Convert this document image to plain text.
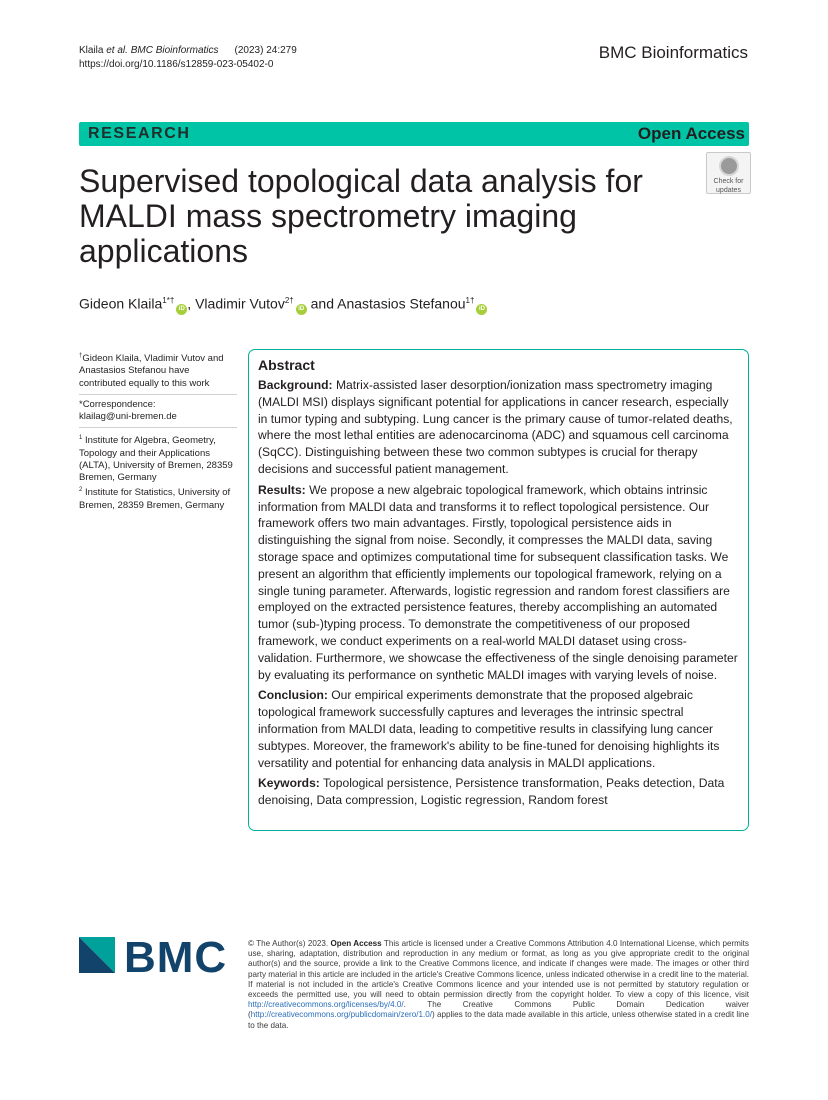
Klaila et al. BMC Bioinformatics (2023) 24:279
https://doi.org/10.1186/s12859-023-05402-0
BMC Bioinformatics
RESEARCH	Open Access
Check for
updates
Supervised topological data analysis for MALDI mass spectrometry imaging applications
Gideon Klaila$^{1*\dagger}$iD , Vladimir Vutov$^{2\dagger}$iD and Anastasios Stefanou$^{1\dagger}$iD

†Gideon Klaila, Vladimir Vutov and Anastasios Stefanou have contributed equally to this work

*Correspondence:

klailag@uni-bremen.de

$^1$ Institute for Algebra, Geometry, Topology and their Applications (ALTA), University of Bremen, 28359 Bremen, Germany

$^2$ Institute for Statistics, University of Bremen, 28359 Bremen, Germany

Abstract

Background: Matrix-assisted laser desorption/ionization mass spectrometry imaging (MALDI MSI) displays significant potential for applications in cancer research, especially in tumor typing and subtyping. Lung cancer is the primary cause of tumor-related deaths, where the most lethal entities are adenocarcinoma (ADC) and squamous cell carcinoma (SqCC). Distinguishing between these two common subtypes is crucial for therapy decisions and successful patient management.

Results: We propose a new algebraic topological framework, which obtains intrinsic information from MALDI data and transforms it to reflect topological persistence. Our framework offers two main advantages. Firstly, topological persistence aids in distinguishing the signal from noise. Secondly, it compresses the MALDI data, saving storage space and optimizes computational time for subsequent classification tasks. We present an algorithm that efficiently implements our topological framework, relying on a single tuning parameter. Afterwards, logistic regression and random forest classifiers are employed on the extracted persistence features, thereby accomplishing an automated tumor (sub-)typing process. To demonstrate the competitiveness of our proposed framework, we conduct experiments on a real-world MALDI dataset using cross-validation. Furthermore, we showcase the effectiveness of the single denoising parameter by evaluating its performance on synthetic MALDI images with varying levels of noise.

Conclusion: Our empirical experiments demonstrate that the proposed algebraic topological framework successfully captures and leverages the intrinsic spectral information from MALDI data, leading to competitive results in classifying lung cancer subtypes. Moreover, the framework's ability to be fine-tuned for denoising highlights its versatility and potential for enhancing data analysis in MALDI applications.

Keywords: Topological persistence, Persistence transformation, Peaks detection, Data denoising, Data compression, Logistic regression, Random forest

BMC	© The Author(s) 2023. Open Access This article is licensed under a Creative Commons Attribution 4.0 International License, which permits use, sharing, adaptation, distribution and reproduction in any medium or format, as long as you give appropriate credit to the original author(s) and the source, provide a link to the Creative Commons licence, and indicate if changes were made. The images or other third party material in this article are included in the article's Creative Commons licence, unless indicated otherwise in a credit line to the material. If material is not included in the article's Creative Commons licence and your intended use is not permitted by statutory regulation or exceeds the permitted use, you will need to obtain permission directly from the copyright holder. To view a copy of this licence, visit http://creativecommons.org/licenses/by/4.0/. The Creative Commons Public Domain Dedication waiver (http://creativecommons.org/publicdomain/zero/1.0/) applies to the data made available in this article, unless otherwise stated in a credit line to the data.
